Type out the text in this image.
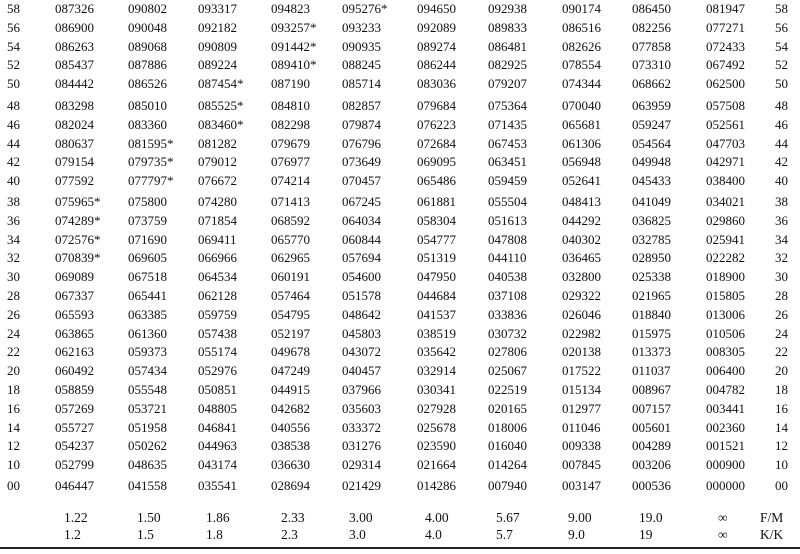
58	087326	090802 093317	094823 095276* 094650 092938	090174 086450	081947 58
56	086900	090048 092182	093257* 093233	092089 089833	086516 082256	077271 56
54	086263	089068 090809	091442* 090935	089274 086481	082626 077858	072433 54
52	085437	087886 089224	089410* 088245	086244 082925	078554 073310	067492 52
50	084442	086526 087454* 087190 085714	083036 079207	074344 068662	062500 50
48	083298	085010 085525* 084810 082857	079684 075364	070040 063959	057508 48
46	082024	083360 083460* 082298 079874	076223 071435	065681 059247	052561 46
44	080637	081595* 081282	079679 076796	072684 067453	061306 054564	047703 44
42	079154	079735* 079012	076977 073649	069095 063451	056948 049948	042971 42
40	077592	077797* 076672	074214 070457	065486 059459	052641 045433	038400 40
38	075965* 075800 074280	071413 067245	061881 055504	048413 041049	034021 38
36	074289* 073759 071854	068592 064034	058304 051613	044292 036825	029860 36
34	072576* 071690 069411	065770 060844	054777 047808	040302 032785	025941 34
32	070839* 069605 066966	062965 057694	051319 044110	036465 028950	022282 32
30	069089	067518 064534	060191 054600	047950 040538	032800 025338	018900 30
28	067337	065441 062128	057464 051578	044684 037108	029322 021965	015805 28
26	065593	063385 059759	054795 048642	041537 033836	026046 018840	013006 26
24	063865	061360 057438	052197 045803	038519 030732	022982 015975	010506 24
22	062163	059373 055174	049678 043072	035642 027806	020138 013373	008305 22
20	060492	057434 052976	047249 040457	032914 025067	017522 011037	006400 20
18	058859	055548 050851	044915 037966	030341 022519	015134 008967	004782 18
16	057269	053721 048805	042682 035603	027928 020165	012977 007157	003441 16
14	055727	051958 046841	040556 033372	025678 018006	011046 005601	002360 14
12	054237	050262 044963	038538 031276	023590 016040	009338 004289	001521 12
10	052799	048635 043174	036630 029314	021664 014264	007845 003206	000900 10
00	046447	041558 035541	028694 021429	014286 007940	003147 000536	000000 00
1.22	1.50	1.86	2.33	3.00	4.00	5.67	9.00	19.0	∞ F/M
1.2	1.5	1.8	2.3	3.0	4.0	5.7	9.0	19	∞ K/K
